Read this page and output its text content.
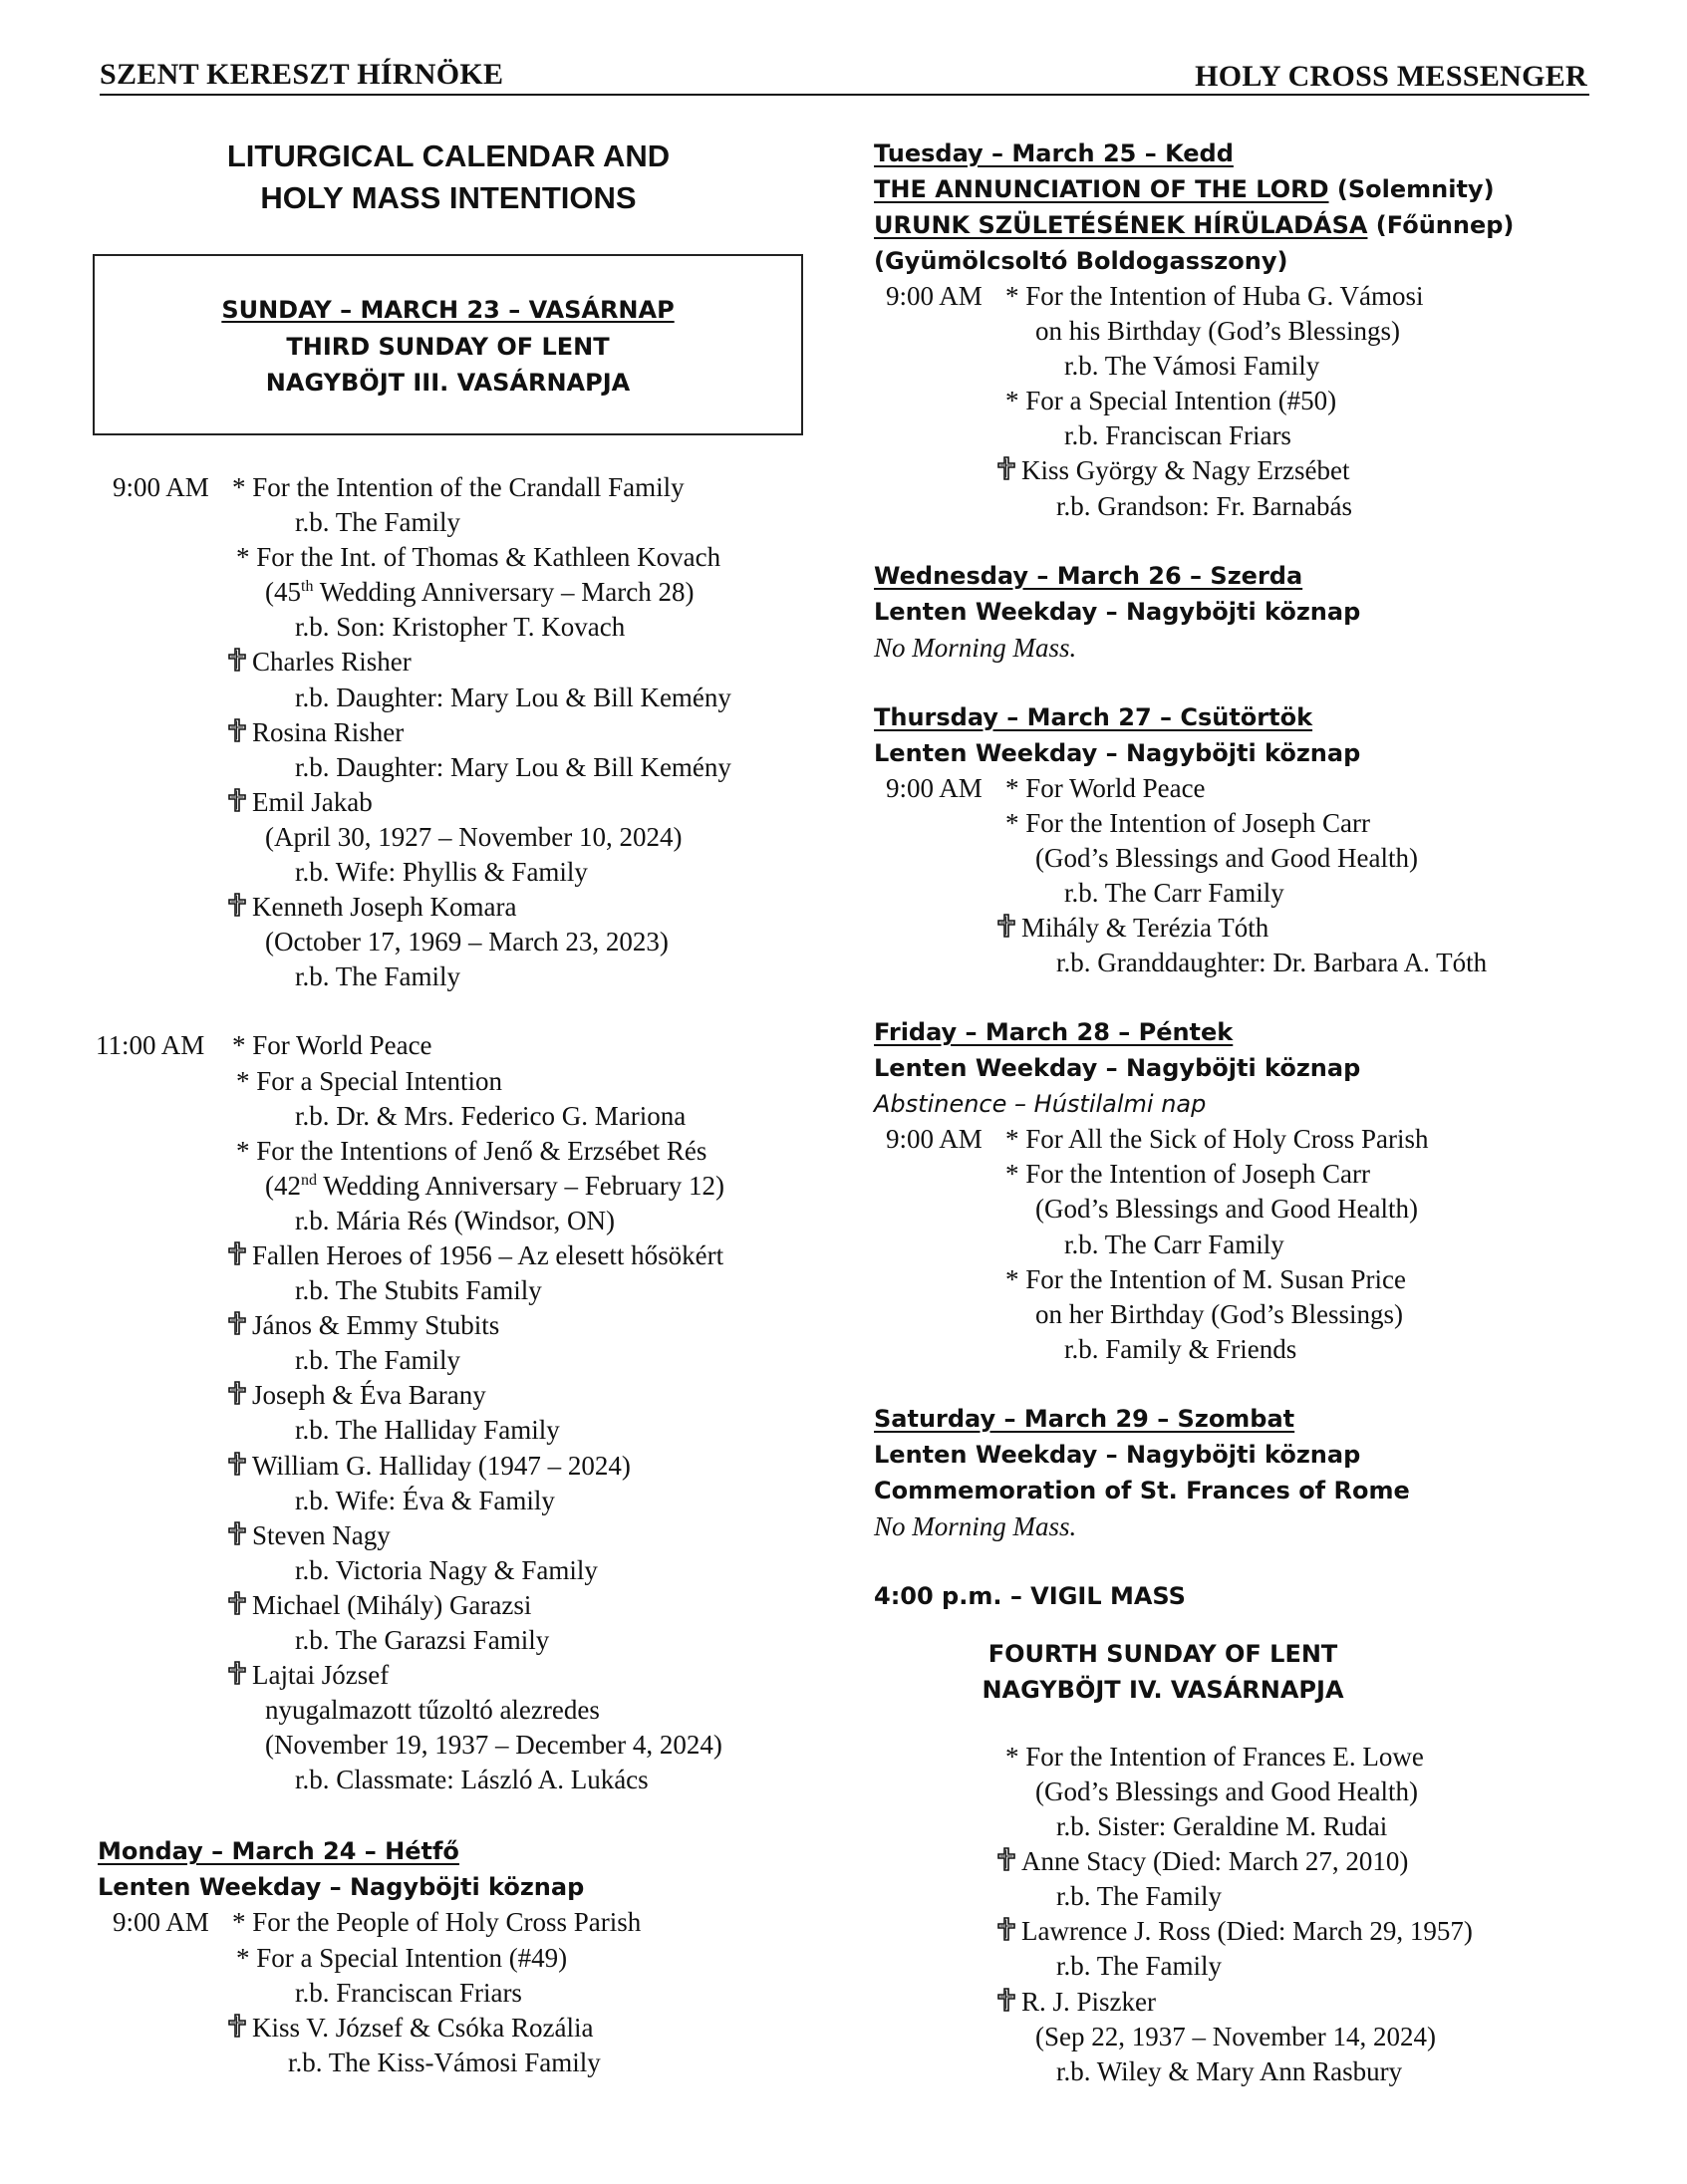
SZENT KERESZT HÍRNÖKE	HOLY CROSS MESSENGER
LITURGICAL CALENDAR AND
HOLY MASS INTENTIONS
SUNDAY – MARCH 23 – VASÁRNAP
THIRD SUNDAY OF LENT
NAGYBÖJT III. VASÁRNAPJA
9:00 AM * For the Intention of the Crandall Family
r.b. The Family
* For the Int. of Thomas & Kathleen Kovach
(45th Wedding Anniversary – March 28)
r.b. Son: Kristopher T. Kovach
Charles Risher
r.b. Daughter: Mary Lou & Bill Kemény
Rosina Risher
r.b. Daughter: Mary Lou & Bill Kemény
Emil Jakab
(April 30, 1927 – November 10, 2024)
r.b. Wife: Phyllis & Family
Kenneth Joseph Komara
(October 17, 1969 – March 23, 2023)
r.b. The Family
11:00 AM * For World Peace
* For a Special Intention
r.b. Dr. & Mrs. Federico G. Mariona
* For the Intentions of Jenő & Erzsébet Rés
(42nd Wedding Anniversary – February 12)
r.b. Mária Rés (Windsor, ON)
Fallen Heroes of 1956 – Az elesett hősökért
r.b. The Stubits Family
János & Emmy Stubits
r.b. The Family
Joseph & Éva Barany
r.b. The Halliday Family
William G. Halliday (1947 – 2024)
r.b. Wife: Éva & Family
Steven Nagy
r.b. Victoria Nagy & Family
Michael (Mihály) Garazsi
r.b. The Garazsi Family
Lajtai József
nyugalmazott tűzoltó alezredes
(November 19, 1937 – December 4, 2024)
r.b. Classmate: László A. Lukács
Monday – March 24 – Hétfő
Lenten Weekday – Nagyböjti köznap
9:00 AM * For the People of Holy Cross Parish
* For a Special Intention (#49)
r.b. Franciscan Friars
Kiss V. József & Csóka Rozália
r.b. The Kiss-Vámosi Family
Tuesday – March 25 – Kedd
THE ANNUNCIATION OF THE LORD (Solemnity)
URUNK SZÜLETÉSÉNEK HÍRÜLADÁSA (Főünnep)
(Gyümölcsoltó Boldogasszony)
9:00 AM * For the Intention of Huba G. Vámosi
on his Birthday (God’s Blessings)
r.b. The Vámosi Family
* For a Special Intention (#50)
r.b. Franciscan Friars
Kiss György & Nagy Erzsébet
r.b. Grandson: Fr. Barnabás
Wednesday – March 26 – Szerda
Lenten Weekday – Nagyböjti köznap
No Morning Mass.
Thursday – March 27 – Csütörtök
Lenten Weekday – Nagyböjti köznap
9:00 AM * For World Peace
* For the Intention of Joseph Carr
(God’s Blessings and Good Health)
r.b. The Carr Family
Mihály & Terézia Tóth
r.b. Granddaughter: Dr. Barbara A. Tóth
Friday – March 28 – Péntek
Lenten Weekday – Nagyböjti köznap
Abstinence – Hústilalmi nap
9:00 AM * For All the Sick of Holy Cross Parish
* For the Intention of Joseph Carr
(God’s Blessings and Good Health)
r.b. The Carr Family
* For the Intention of M. Susan Price
on her Birthday (God’s Blessings)
r.b. Family & Friends
Saturday – March 29 – Szombat
Lenten Weekday – Nagyböjti köznap
Commemoration of St. Frances of Rome
No Morning Mass.
4:00 p.m. – VIGIL MASS
FOURTH SUNDAY OF LENT
NAGYBÖJT IV. VASÁRNAPJA
* For the Intention of Frances E. Lowe
(God’s Blessings and Good Health)
r.b. Sister: Geraldine M. Rudai
Anne Stacy (Died: March 27, 2010)
r.b. The Family
Lawrence J. Ross (Died: March 29, 1957)
r.b. The Family
R. J. Piszker
(Sep 22, 1937 – November 14, 2024)
r.b. Wiley & Mary Ann Rasbury
